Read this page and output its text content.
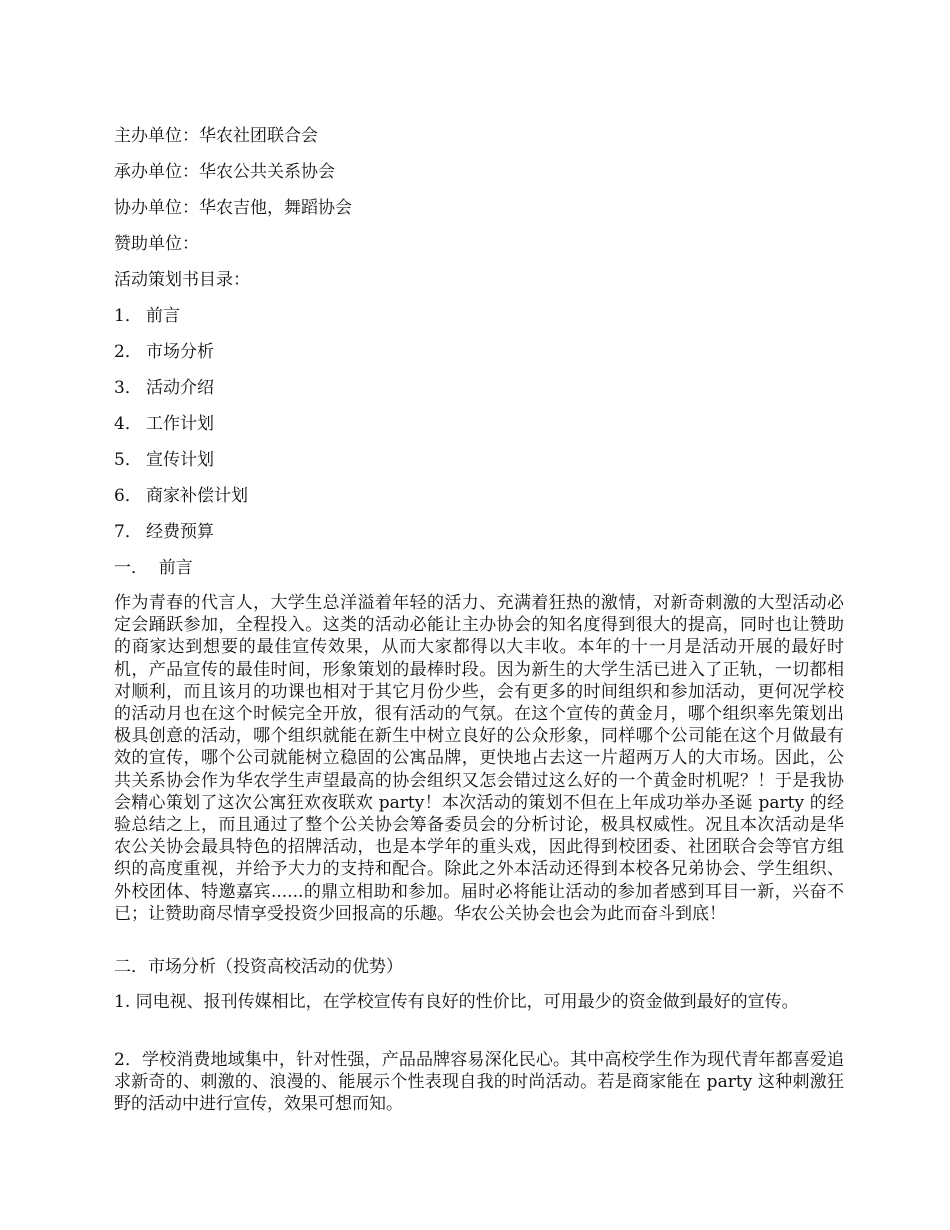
主办单位：华农社团联合会
承办单位：华农公共关系协会
协办单位：华农吉他，舞蹈协会
赞助单位：
活动策划书目录：
1． 前言
2． 市场分析
3． 活动介绍
4． 工作计划
5． 宣传计划
6． 商家补偿计划
7． 经费预算
一．  前言
作为青春的代言人，大学生总洋溢着年轻的活力、充满着狂热的激情，对新奇刺激的大型活动必定会踊跃参加，全程投入。这类的活动必能让主办协会的知名度得到很大的提高，同时也让赞助的商家达到想要的最佳宣传效果，从而大家都得以大丰收。本年的十一月是活动开展的最好时机，产品宣传的最佳时间，形象策划的最棒时段。因为新生的大学生活已进入了正轨，一切都相对顺利，而且该月的功课也相对于其它月份少些，会有更多的时间组织和参加活动，更何况学校的活动月也在这个时候完全开放，很有活动的气氛。在这个宣传的黄金月，哪个组织率先策划出极具创意的活动，哪个组织就能在新生中树立良好的公众形象，同样哪个公司能在这个月做最有效的宣传，哪个公司就能树立稳固的公寓品牌，更快地占去这一片超两万人的大市场。因此，公共关系协会作为华农学生声望最高的协会组织又怎会错过这么好的一个黄金时机呢？！于是我协会精心策划了这次公寓狂欢夜联欢 party！本次活动的策划不但在上年成功举办圣诞 party 的经验总结之上，而且通过了整个公关协会筹备委员会的分析讨论，极具权威性。况且本次活动是华农公关协会最具特色的招牌活动，也是本学年的重头戏，因此得到校团委、社团联合会等官方组织的高度重视，并给予大力的支持和配合。除此之外本活动还得到本校各兄弟协会、学生组织、外校团体、特邀嘉宾......的鼎立相助和参加。届时必将能让活动的参加者感到耳目一新，兴奋不已；让赞助商尽情享受投资少回报高的乐趣。华农公关协会也会为此而奋斗到底！
二．市场分析（投资高校活动的优势）
1. 同电视、报刊传媒相比，在学校宣传有良好的性价比，可用最少的资金做到最好的宣传。
2．学校消费地域集中，针对性强，产品品牌容易深化民心。其中高校学生作为现代青年都喜爱追求新奇的、刺激的、浪漫的、能展示个性表现自我的时尚活动。若是商家能在 party 这种刺激狂野的活动中进行宣传，效果可想而知。
